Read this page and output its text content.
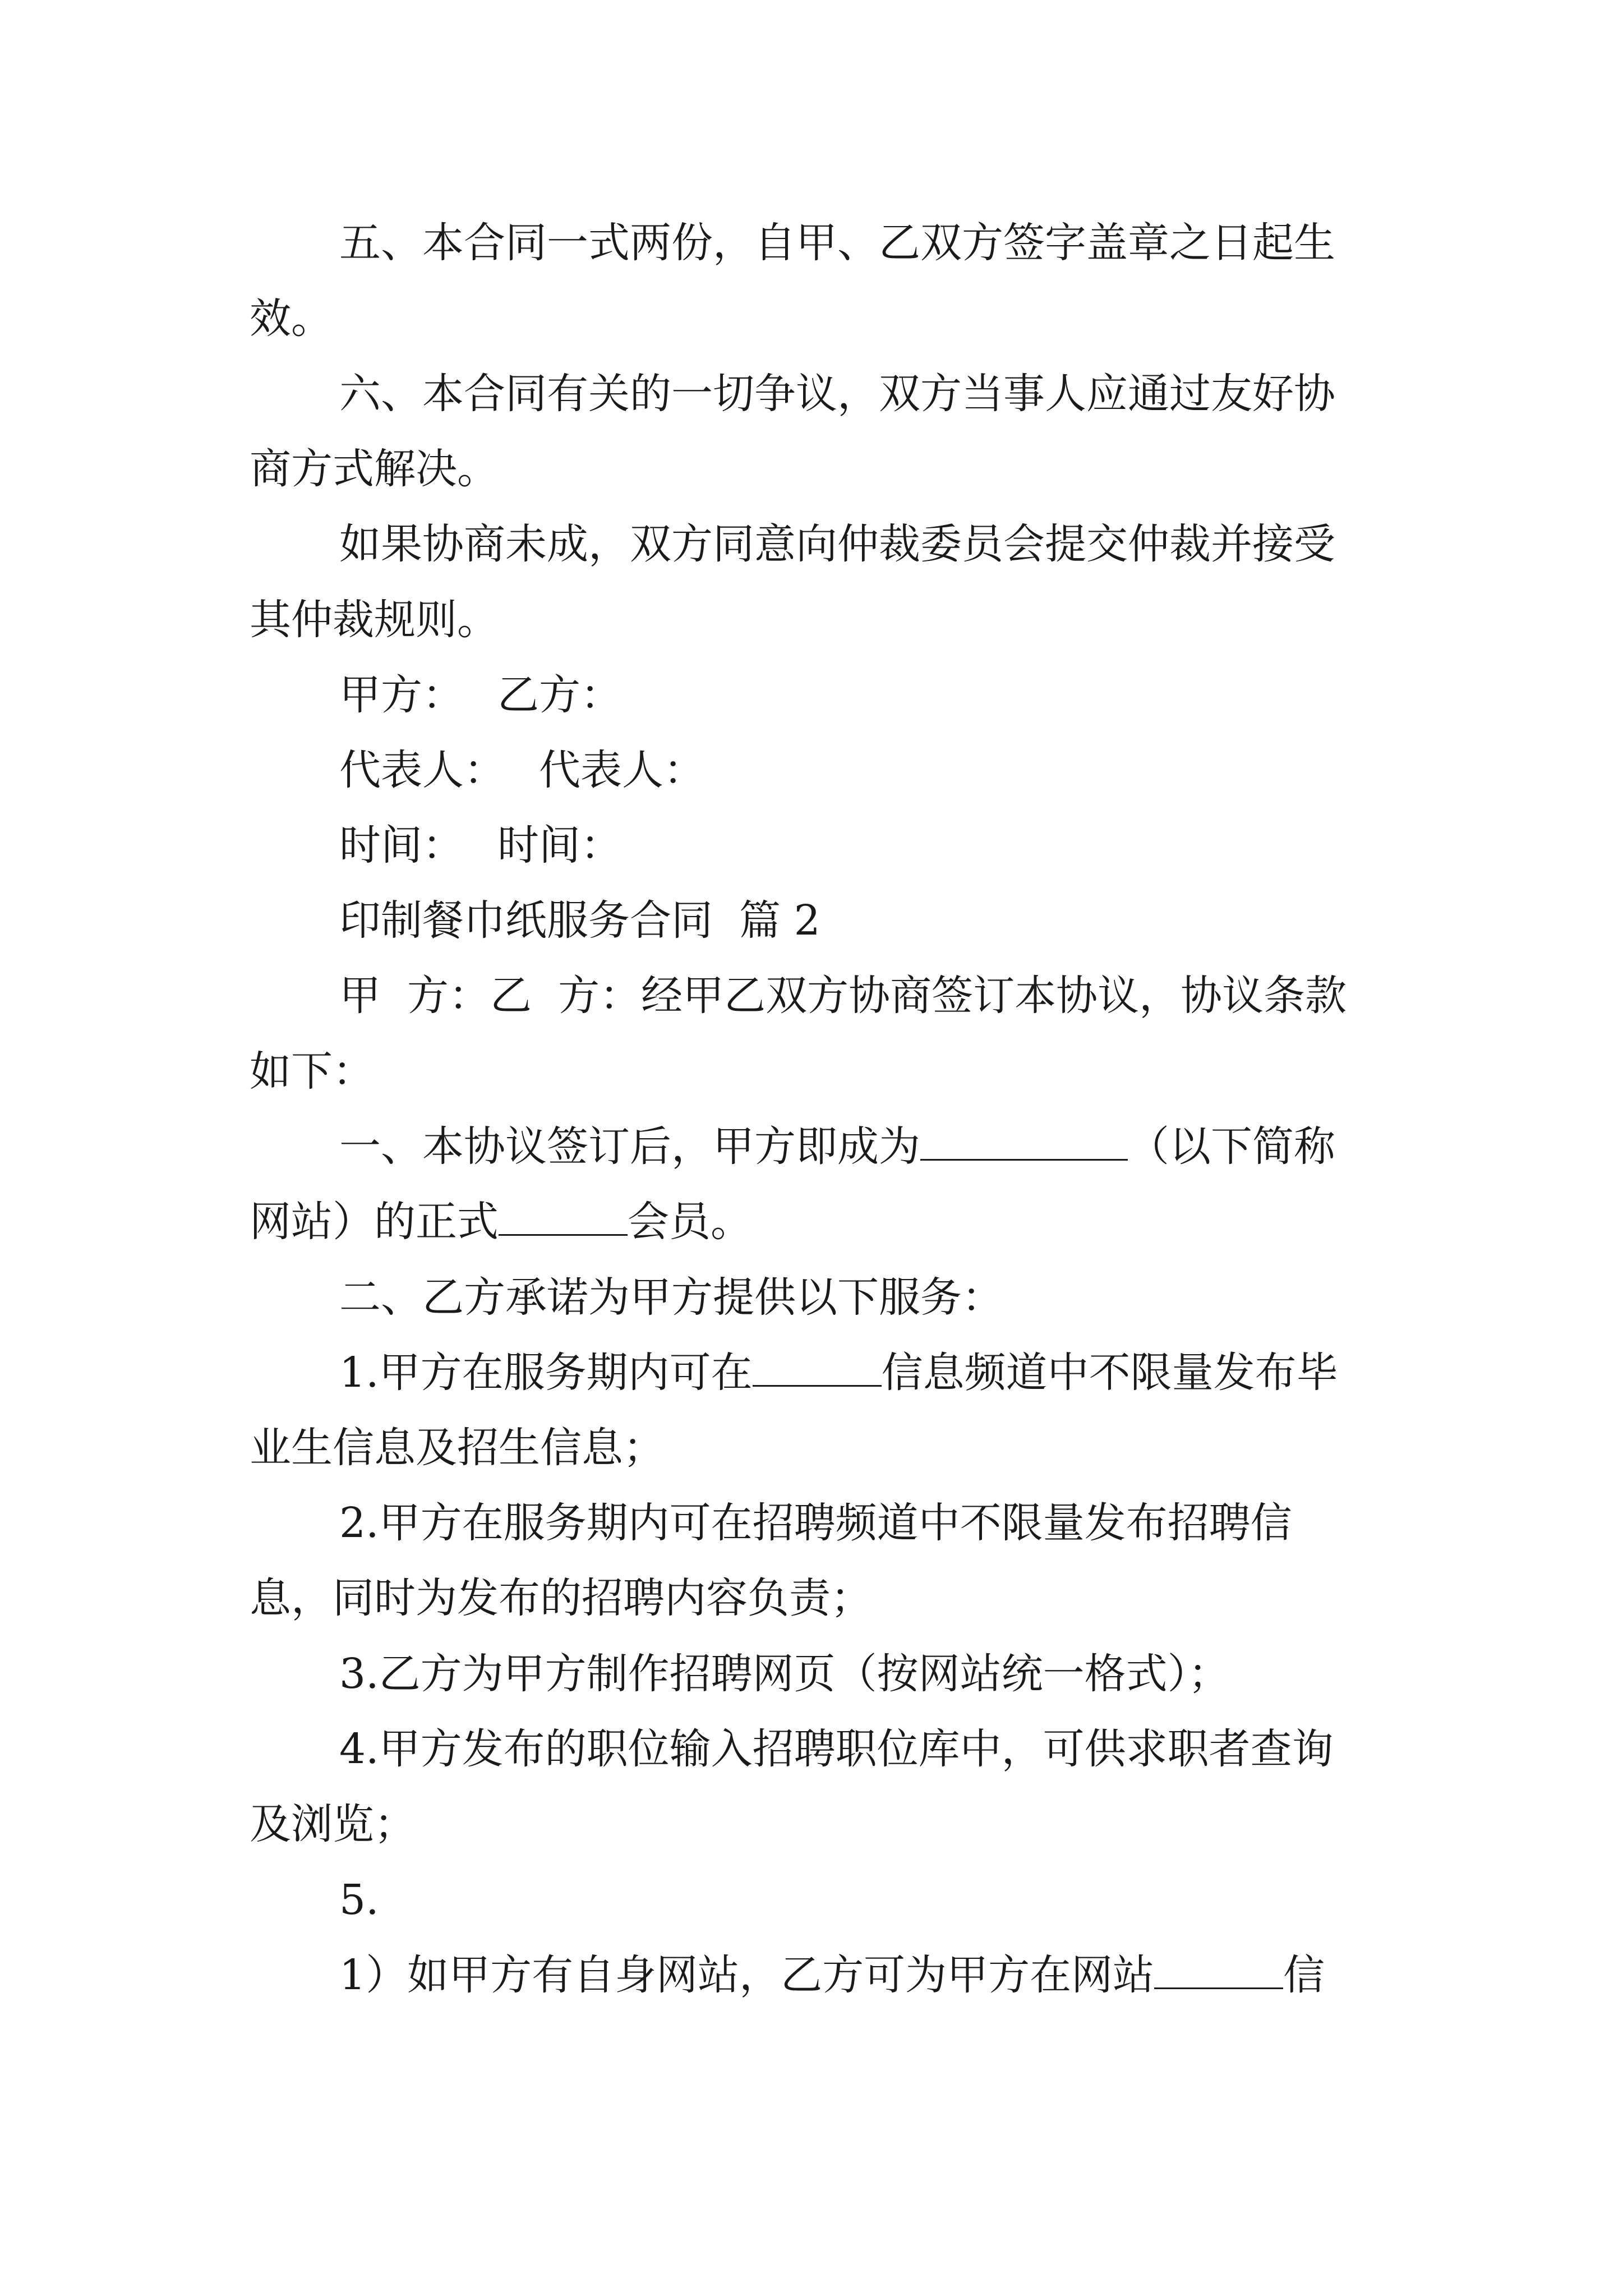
五、本合同一式两份，自甲、乙双方签字盖章之日起生
效。
六、本合同有关的一切争议，双方当事人应通过友好协
商方式解决。
如果协商未成，双方同意向仲裁委员会提交仲裁并接受
其仲裁规则。
甲方： 乙方：
代表人： 代表人：
时间： 时间：
印制餐巾纸服务合同  篇 2
甲  方：乙  方：经甲乙双方协商签订本协议，协议条款
如下：
一、本协议签订后，甲方即成为	（以下简称
网站）的正式	会员。
二、乙方承诺为甲方提供以下服务：
1.甲方在服务期内可在	信息频道中不限量发布毕
业生信息及招生信息；
2.甲方在服务期内可在招聘频道中不限量发布招聘信
息，同时为发布的招聘内容负责；
3.乙方为甲方制作招聘网页（按网站统一格式）；
4.甲方发布的职位输入招聘职位库中，可供求职者查询
及浏览；
5.
1）如甲方有自身网站，乙方可为甲方在网站	信
